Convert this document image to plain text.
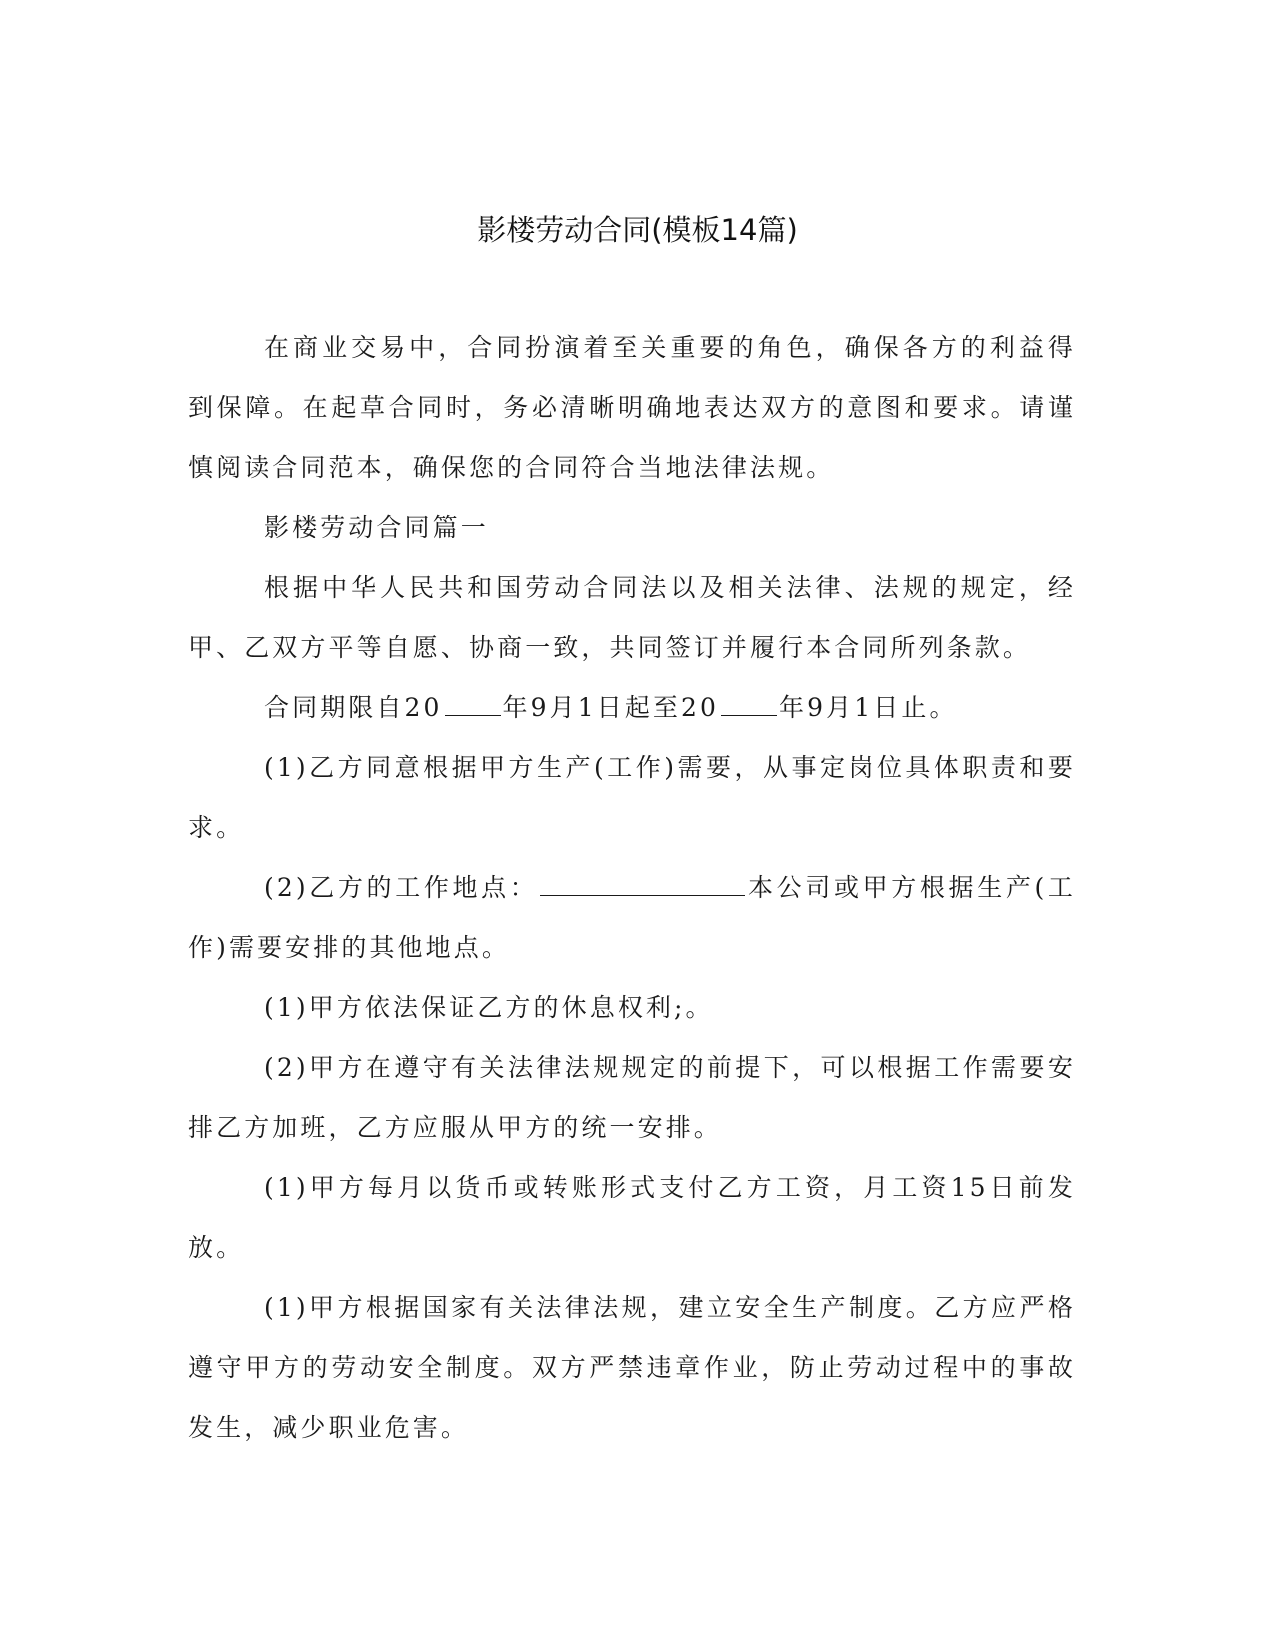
影楼劳动合同(模板14篇)

在商业交易中，合同扮演着至关重要的角色，确保各方的利益得到保障。在起草合同时，务必清晰明确地表达双方的意图和要求。请谨慎阅读合同范本，确保您的合同符合当地法律法规。

影楼劳动合同篇一

根据中华人民共和国劳动合同法以及相关法律、法规的规定，经甲、乙双方平等自愿、协商一致，共同签订并履行本合同所列条款。

合同期限自20 年9月1日起至20 年9月1日止。

(1)乙方同意根据甲方生产(工作)需要，从事定岗位具体职责和要求。

(2)乙方的工作地点：	本公司或甲方根据生产(工作)需要安排的其他地点。

(1)甲方依法保证乙方的休息权利;。

(2)甲方在遵守有关法律法规规定的前提下，可以根据工作需要安排乙方加班，乙方应服从甲方的统一安排。

(1)甲方每月以货币或转账形式支付乙方工资，月工资15日前发放。

(1)甲方根据国家有关法律法规，建立安全生产制度。乙方应严格遵守甲方的劳动安全制度。双方严禁违章作业，防止劳动过程中的事故发生，减少职业危害。
